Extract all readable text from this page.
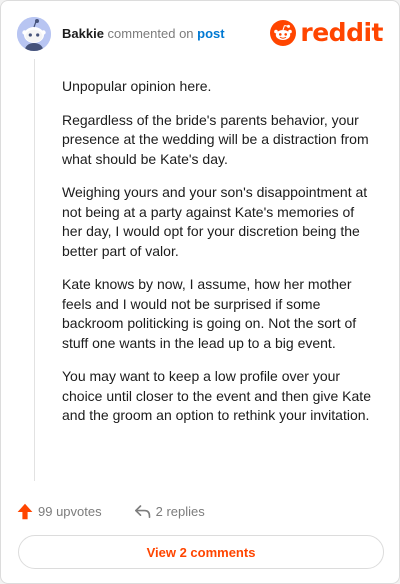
Bakkie commented on post	reddit

Unpopular opinion here.

Regardless of the bride's parents behavior, your presence at the wedding will be a distraction from what should be Kate's day.

Weighing yours and your son's disappointment at not being at a party against Kate's memories of her day, I would opt for your discretion being the better part of valor.

Kate knows by now, I assume, how her mother feels and I would not be surprised if some backroom politicking is going on. Not the sort of stuff one wants in the lead up to a big event.

You may want to keep a low profile over your choice until closer to the event and then give Kate and the groom an option to rethink your invitation.

99 upvotes	2 replies
View 2 comments
